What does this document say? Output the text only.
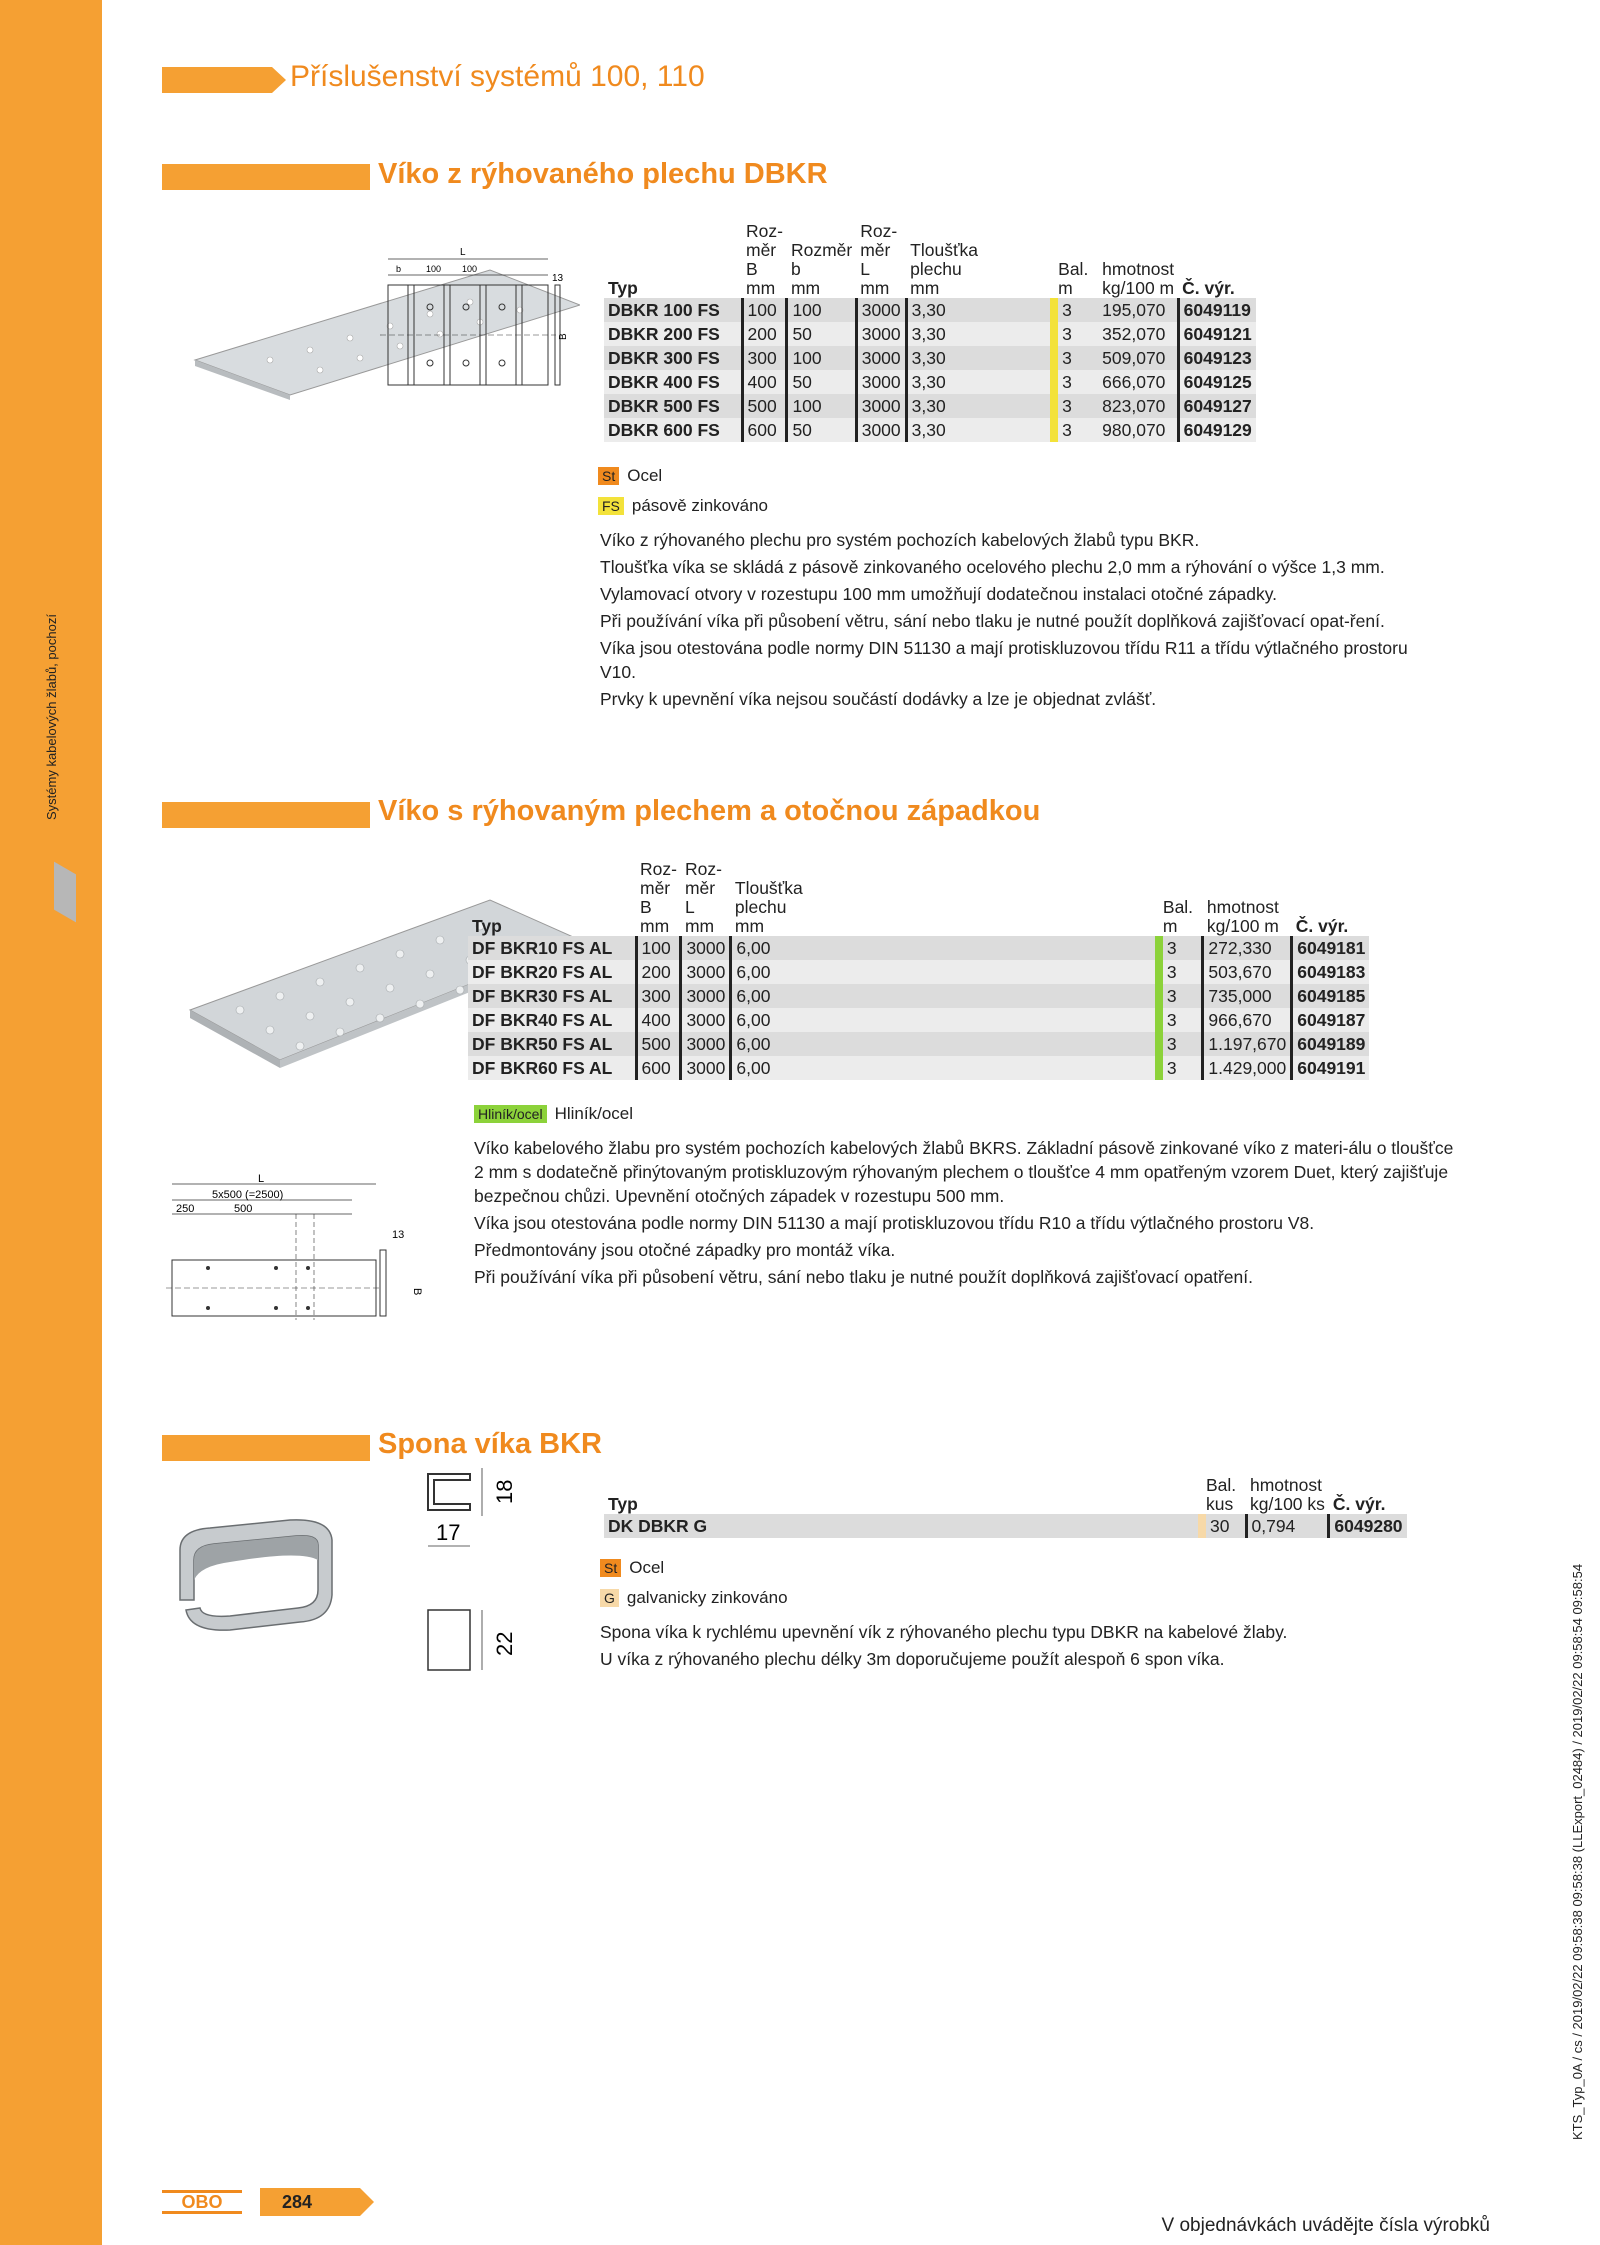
Systémy kabelových žlabů, pochozí
Příslušenství systémů 100, 110
Víko z rýhovaného plechu DBKR
L
b	100 100
13
B
Typ	Roz-
měr
B
mm	Rozměr
b
mm	Roz-
měr
L
mm	Tloušťka
plechu
mm	Bal.
m	hmotnost
kg/100 m	Č. výr.
DBKR 100 FS	100	100	3000	3,30	3	195,070	6049119
DBKR 200 FS	200	50	3000	3,30	3	352,070	6049121
DBKR 300 FS	300	100	3000	3,30	3	509,070	6049123
DBKR 400 FS	400	50	3000	3,30	3	666,070	6049125
DBKR 500 FS	500	100	3000	3,30	3	823,070	6049127
DBKR 600 FS	600	50	3000	3,30	3	980,070	6049129
St Ocel
FS pásově zinkováno

Víko z rýhovaného plechu pro systém pochozích kabelových žlabů typu BKR.

Tloušťka víka se skládá z pásově zinkovaného ocelového plechu 2,0 mm a rýhování o výšce 1,3 mm.

Vylamovací otvory v rozestupu 100 mm umožňují dodatečnou instalaci otočné západky.

Při používání víka při působení větru, sání nebo tlaku je nutné použít doplňková zajišťovací opat-ření.

Víka jsou otestována podle normy DIN 51130 a mají protiskluzovou třídu R11 a třídu výtlačného prostoru V10.

Prvky k upevnění víka nejsou součástí dodávky a lze je objednat zvlášť.

Víko s rýhovaným plechem a otočnou západkou
L
5x500 (=2500)
250	500
13
B
Typ	Roz-
měr
B
mm	Roz-
měr
L
mm	Tloušťka
plechu
mm	Bal.
m	hmotnost
kg/100 m	Č. výr.
DF BKR10 FS AL	100	3000	6,00	3	272,330	6049181
DF BKR20 FS AL	200	3000	6,00	3	503,670	6049183
DF BKR30 FS AL	300	3000	6,00	3	735,000	6049185
DF BKR40 FS AL	400	3000	6,00	3	966,670	6049187
DF BKR50 FS AL	500	3000	6,00	3	1.197,670	6049189
DF BKR60 FS AL	600	3000	6,00	3	1.429,000	6049191
Hliník/ocel Hliník/ocel

Víko kabelového žlabu pro systém pochozích kabelových žlabů BKRS. Základní pásově zinkované víko z materi-álu o tloušťce 2 mm s dodatečně přinýtovaným protiskluzovým rýhovaným plechem o tloušťce 4 mm opatřeným vzorem Duet, který zajišťuje bezpečnou chůzi. Upevnění otočných západek v rozestupu 500 mm.

Víka jsou otestována podle normy DIN 51130 a mají protiskluzovou třídu R10 a třídu výtlačného prostoru V8.

Předmontovány jsou otočné západky pro montáž víka.

Při používání víka při působení větru, sání nebo tlaku je nutné použít doplňková zajišťovací opatření.

Spona víka BKR
18
17
22
Typ	Bal.
kus	hmotnost
kg/100 ks	Č. výr.
DK DBKR G	30	0,794	6049280
St Ocel
G galvanicky zinkováno

Spona víka k rychlému upevnění vík z rýhovaného plechu typu DBKR na kabelové žlaby.

U víka z rýhovaného plechu délky 3m doporučujeme použít alespoň 6 spon víka.

OBO	284
V objednávkách uvádějte čísla výrobků
KTS_Typ_0A / cs / 2019/02/22 09:58:38 09:58:38 (LLExport_02484) / 2019/02/22 09:58:54 09:58:54
